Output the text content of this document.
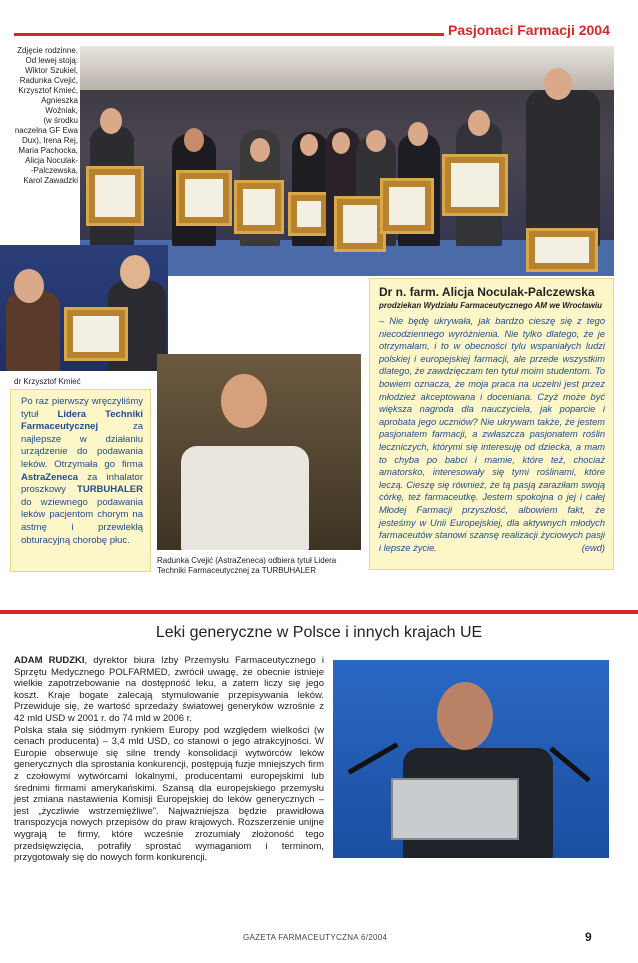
Pasjonaci Farmacji 2004
Zdjęcie rodzinne.
Od lewej stoją:
Wiktor Szukiel,
Radunka Cvejić,
Krzysztof Kmieć,
Agnieszka
Woźniak,
(w środku
naczelna GF Ewa
Dux), Irena Rej,
Maria Pachocka,
Alicja Noculak-
-Palczewska,
Karol Zawadzki
dr Krzysztof Kmieć
Po raz pierwszy wręczyliśmy tytuł Lidera Techniki Farmaceutycznej za najlepsze w działaniu urządzenie do podawania leków. Otrzymała go firma AstraZeneca za inhalator proszkowy TURBUHALER do wziewnego podawania leków pacjentom chorym na astmę i przewlekłą obturacyjną chorobę płuc.
Radunka Cvejić (AstraZeneca) odbiera tytuł Lidera Techniki Farmaceutycznej za TURBUHALER
Dr n. farm. Alicja Noculak-Palczewska
prodziekan Wydziału Farmaceutycznego AM we Wrocławiu
– Nie będę ukrywała, jak bardzo cieszę się z tego niecodziennego wyróżnienia. Nie tylko dlatego, że je otrzymałam, i to w obecności tylu wspaniałych ludzi polskiej i europejskiej farmacji, ale przede wszystkim dlatego, że zawdzięczam ten tytuł moim studentom. To bowiem oznacza, że moja praca na uczelni jest przez młodzież akceptowana i doceniana. Czyż może być większa nagroda dla nauczyciela, jak poparcie i aprobata jego uczniów? Nie ukrywam także, że jestem pasjonatem farmacji, a zwłaszcza pasjonatem roślin leczniczych, którymi się interesuję od dziecka, a mam to chyba po babci i mamie, które też, chociaż amatorsko, interesowały się tymi roślinami, które leczą. Cieszę się również, że tą pasją zaraziłam swoją córkę, też farmaceutkę. Jestem spokojna o jej i całej Młodej Farmacji przyszłość, albowiem fakt, że jesteśmy w Unii Europejskiej, dla aktywnych młodych farmaceutów stanowi szansę realizacji życiowych pasji i lepsze życie.	(ewd)
Leki generyczne w Polsce i innych krajach UE

ADAM RUDZKI, dyrektor biura Izby Przemysłu Farmaceutycznego i Sprzętu Medycznego POLFARMED, zwrócił uwagę, że obecnie istnieje wielkie zapotrzebowanie na dostępność leku, a zatem liczy się jego koszt. Kraje bogate zalecają stymulowanie przepisywania leków. Przewiduje się, że wartość sprzedaży światowej generyków wzrośnie z 42 mld USD w 2001 r. do 74 mld w 2006 r.

Polska stała się siódmym rynkiem Europy pod względem wielkości (w cenach producenta) – 3,4 mld USD, co stanowi o jego atrakcyjności. W Europie obserwuje się silne trendy konsolidacji wytwórców leków generycznych dla sprostania konkurencji, postępują fuzje mniejszych firm z czołowymi wytwórcami lokalnymi, producentami europejskimi lub średnimi firmami amerykańskimi. Szansą dla europejskiego przemysłu jest zmiana nastawienia Komisji Europejskiej do leków generycznych – jest „życzliwie wstrzemięźliwe”. Najważniejsza będzie prawidłowa transpozycja nowych przepisów do praw krajowych. Rozszerzenie unijne wygrają te firmy, które wcześnie zrozumiały złożoność tego przedsięwzięcia, potrafiły sprostać wymaganiom i terminom, przygotowały się do nowych form konkurencji.

GAZETA FARMACEUTYCZNA 6/2004	9
